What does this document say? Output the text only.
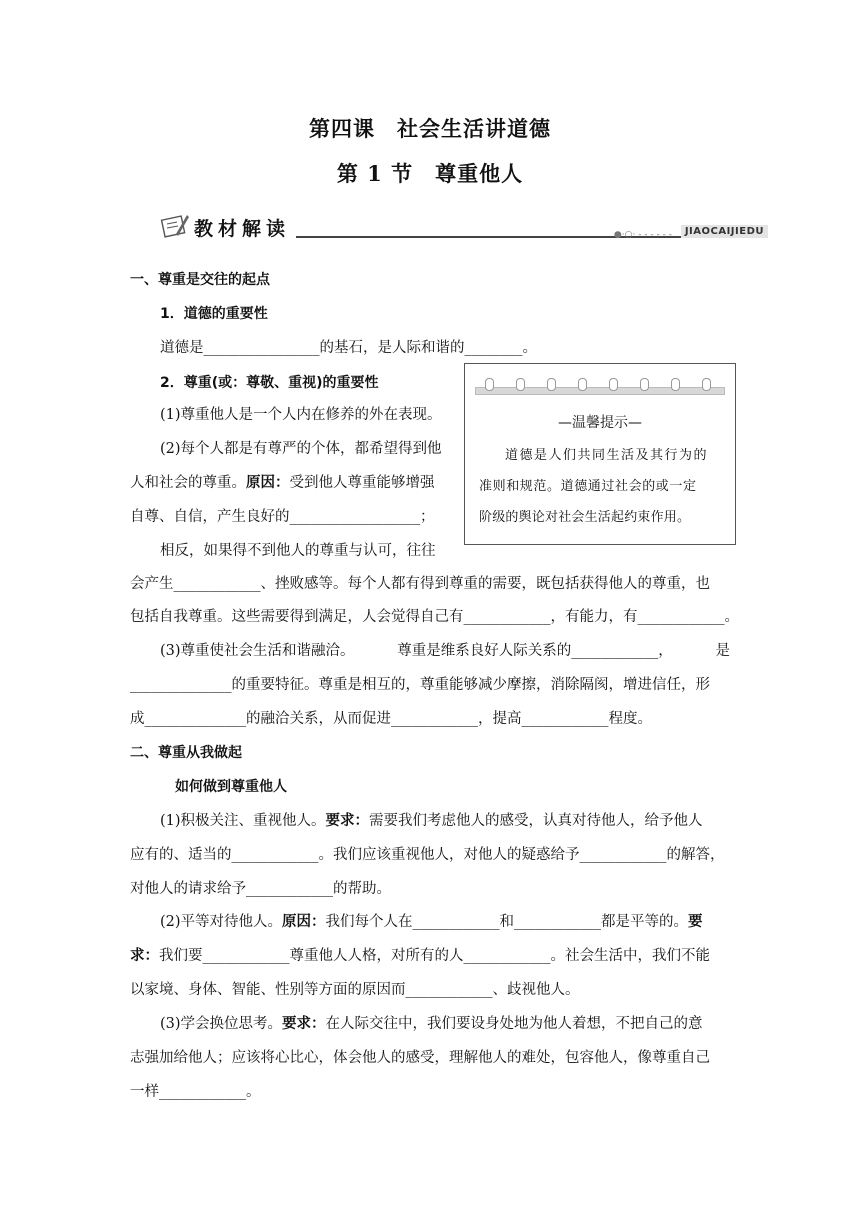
第四课　社会生活讲道德
第 1 节　尊重他人
教材解读	●·○· - - - - - -	JIAOCAIJIEDU
一、尊重是交往的起点
1．道德的重要性
道德是________________的基石，是人际和谐的________。
2．尊重(或：尊敬、重视)的重要性
(1)尊重他人是一个人内在修养的外在表现。
(2)每个人都是有尊严的个体，都希望得到他
人和社会的尊重。原因：受到他人尊重能够增强
自尊、自信，产生良好的__________________；
相反，如果得不到他人的尊重与认可，往往
会产生____________、挫败感等。每个人都有得到尊重的需要，既包括获得他人的尊重，也
包括自我尊重。这些需要得到满足，人会觉得自己有____________，有能力，有____________。
(3)尊重使社会生活和谐融洽。	尊重是维系良好人际关系的____________，	是
______________的重要特征。尊重是相互的，尊重能够减少摩擦，消除隔阂，增进信任，形
成______________的融洽关系，从而促进____________，提高____________程度。
二、尊重从我做起
如何做到尊重他人
(1)积极关注、重视他人。要求：需要我们考虑他人的感受，认真对待他人，给予他人
应有的、适当的____________。我们应该重视他人，对他人的疑惑给予____________的解答，
对他人的请求给予____________的帮助。
(2)平等对待他人。原因：我们每个人在____________和____________都是平等的。要
求：我们要____________尊重他人人格，对所有的人____________。社会生活中，我们不能
以家境、身体、智能、性别等方面的原因而____________、歧视他人。
(3)学会换位思考。要求：在人际交往中，我们要设身处地为他人着想，不把自己的意
志强加给他人；应该将心比心，体会他人的感受，理解他人的难处，包容他人，像尊重自己
一样____________。
—温馨提示—
道德是人们共同生活及其行为的
准则和规范。道德通过社会的或一定
阶级的舆论对社会生活起约束作用。
